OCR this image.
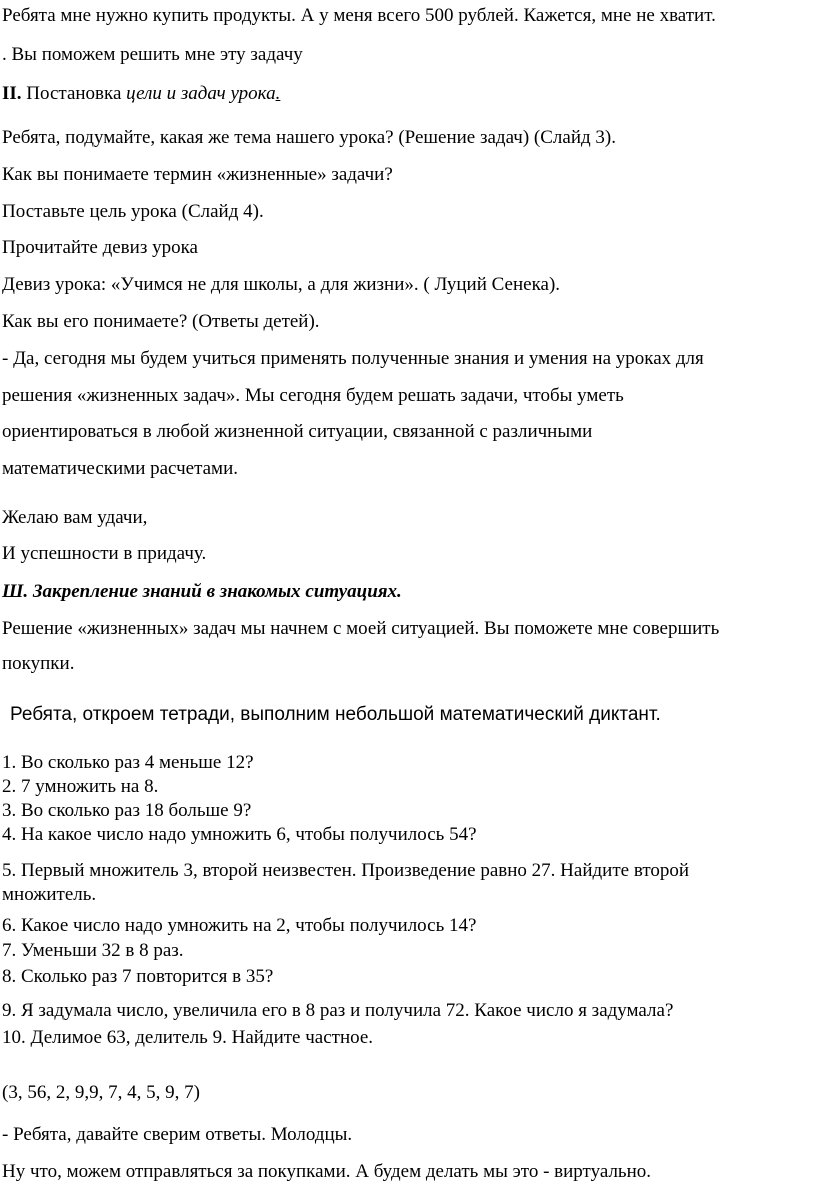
Ребята мне нужно купить продукты. А у меня всего 500 рублей. Кажется, мне не хватит.
. Вы поможем решить мне эту задачу
II. Постановка цели и задач урока.
Ребята, подумайте, какая же тема нашего урока? (Решение задач) (Слайд 3).
Как вы понимаете термин «жизненные» задачи?
Поставьте цель урока (Слайд 4).
Прочитайте девиз урока
Девиз урока: «Учимся не для школы, а для жизни». ( Луций Сенека).
Как вы его понимаете? (Ответы детей).
- Да, сегодня мы будем учиться применять полученные знания и умения на уроках для
решения «жизненных задач». Мы сегодня будем решать задачи, чтобы уметь
ориентироваться в любой жизненной ситуации, связанной с различными
математическими расчетами.
Желаю вам удачи,
И успешности в придачу.
Ш. Закрепление знаний в знакомых ситуациях.
Решение «жизненных» задач мы начнем с моей ситуацией. Вы поможете мне совершить
покупки.
Ребята, откроем тетради, выполним небольшой математический диктант.
1. Во сколько раз 4 меньше 12?
2. 7 умножить на 8.
3. Во сколько раз 18 больше 9?
4. На какое число надо умножить 6, чтобы получилось 54?
5. Первый множитель 3, второй неизвестен. Произведение равно 27. Найдите второй
множитель.
6. Какое число надо умножить на 2, чтобы получилось 14?
7. Уменьши 32 в 8 раз.
8. Сколько раз 7 повторится в 35?
9. Я задумала число, увеличила его в 8 раз и получила 72. Какое число я задумала?
10. Делимое 63, делитель 9. Найдите частное.
(3, 56, 2, 9,9, 7, 4, 5, 9, 7)
- Ребята, давайте сверим ответы. Молодцы.
Ну что, можем отправляться за покупками. А будем делать мы это - виртуально.
